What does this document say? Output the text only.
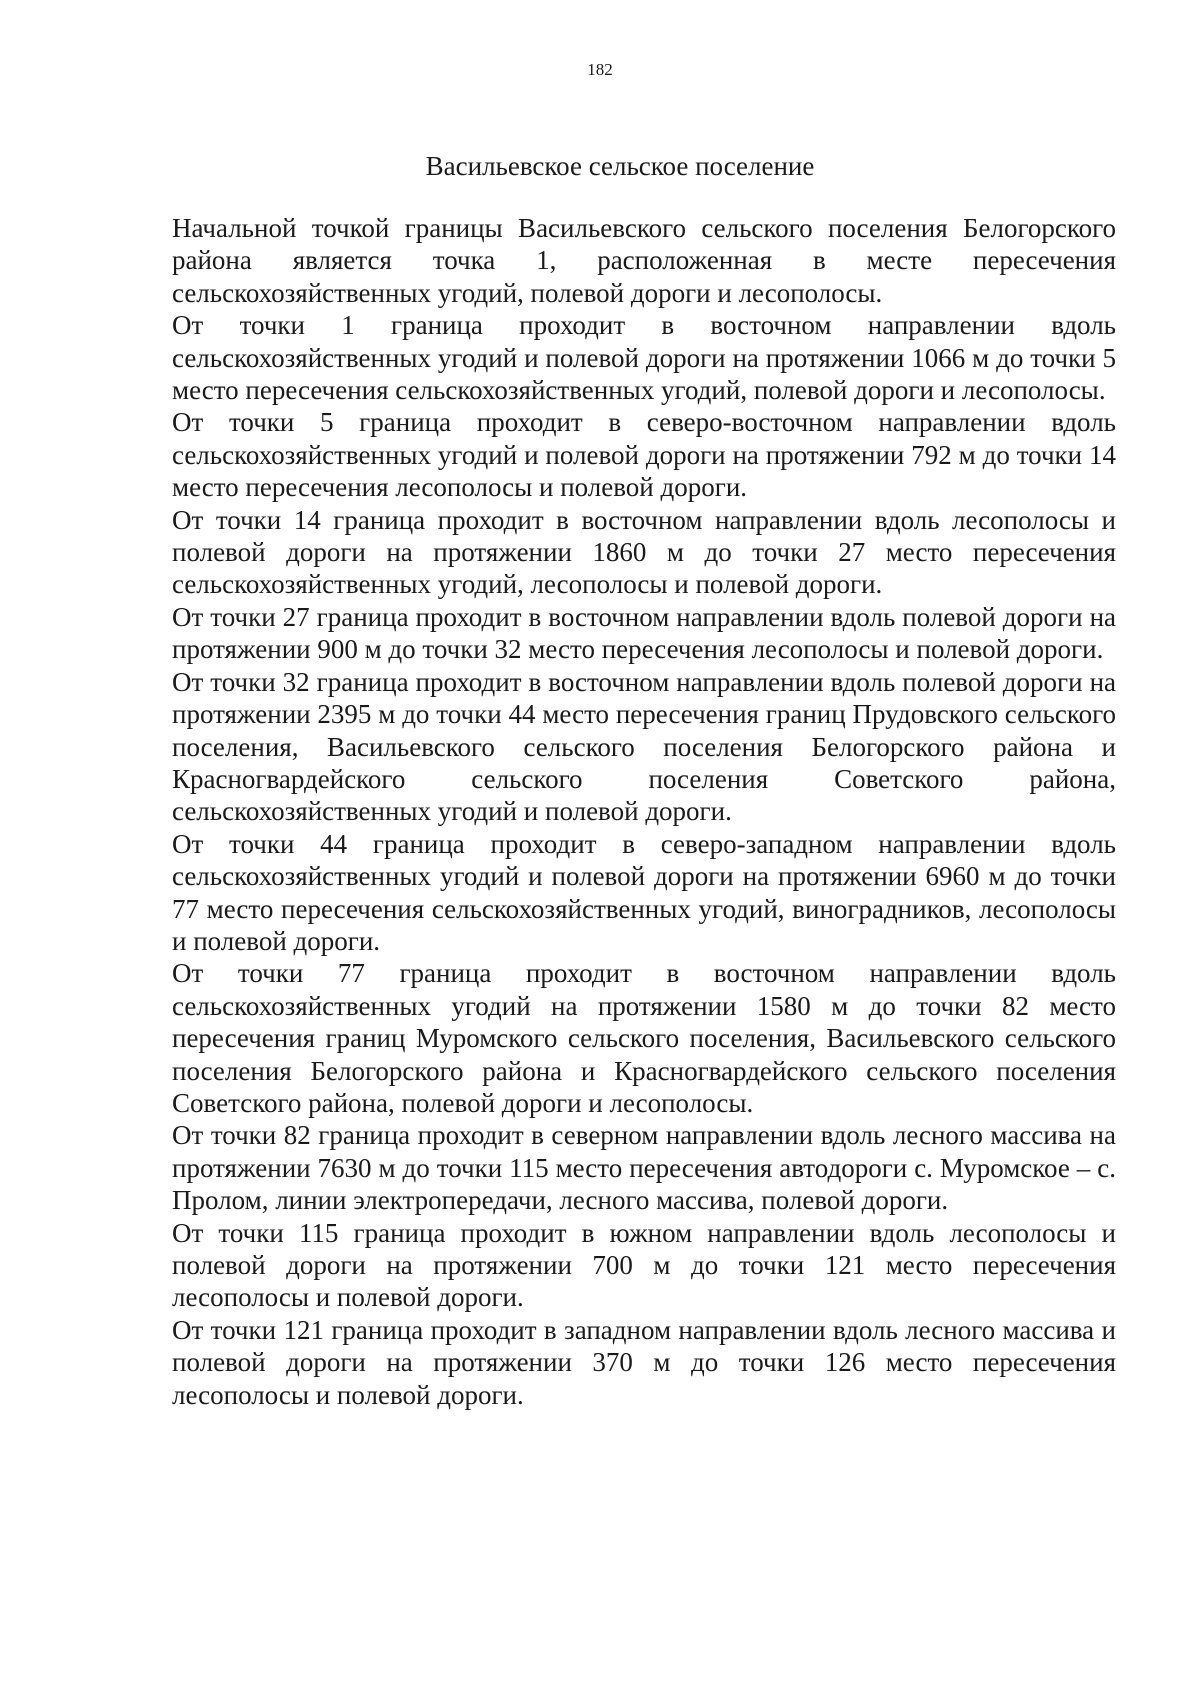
182
Васильевское сельское поселение

Начальной точкой границы Васильевского сельского поселения Белогорского района является точка 1, расположенная в месте пересечения сельскохозяйственных угодий, полевой дороги и лесополосы.

От точки 1 граница проходит в восточном направлении вдоль сельскохозяйственных угодий и полевой дороги на протяжении 1066 м до точки 5 место пересечения сельскохозяйственных угодий, полевой дороги и лесополосы.

От точки 5 граница проходит в северо-восточном направлении вдоль сельскохозяйственных угодий и полевой дороги на протяжении 792 м до точки 14 место пересечения лесополосы и полевой дороги.

От точки 14 граница проходит в восточном направлении вдоль лесополосы и полевой дороги на протяжении 1860 м до точки 27 место пересечения сельскохозяйственных угодий, лесополосы и полевой дороги.

От точки 27 граница проходит в восточном направлении вдоль полевой дороги на протяжении 900 м до точки 32 место пересечения лесополосы и полевой дороги.

От точки 32 граница проходит в восточном направлении вдоль полевой дороги на протяжении 2395 м до точки 44 место пересечения границ Прудовского сельского поселения, Васильевского сельского поселения Белогорского района и Красногвардейского сельского поселения Советского района, сельскохозяйственных угодий и полевой дороги.

От точки 44 граница проходит в северо-западном направлении вдоль сельскохозяйственных угодий и полевой дороги на протяжении 6960 м до точки 77 место пересечения сельскохозяйственных угодий, виноградников, лесополосы и полевой дороги.

От точки 77 граница проходит в восточном направлении вдоль сельскохозяйственных угодий на протяжении 1580 м до точки 82 место пересечения границ Муромского сельского поселения, Васильевского сельского поселения Белогорского района и Красногвардейского сельского поселения Советского района, полевой дороги и лесополосы.

От точки 82 граница проходит в северном направлении вдоль лесного массива на протяжении 7630 м до точки 115 место пересечения автодороги с. Муромское – с. Пролом, линии электропередачи, лесного массива, полевой дороги.

От точки 115 граница проходит в южном направлении вдоль лесополосы и полевой дороги на протяжении 700 м до точки 121 место пересечения лесополосы и полевой дороги.

От точки 121 граница проходит в западном направлении вдоль лесного массива и полевой дороги на протяжении 370 м до точки 126 место пересечения лесополосы и полевой дороги.
